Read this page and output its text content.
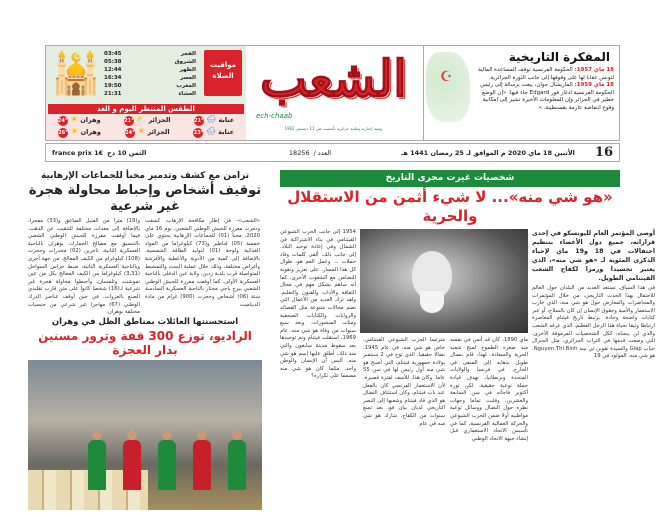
☪
المفكرة التاريخية

18 ماي 1957: الحكومة الفرنسية توقف المساعدة المالية لتونس عقابا لها على وقوفها إلى جانب الثورة الجزائرية.

18 ماي 1959: الماريشال جوان، يبعث برسالة إلى رئيس الحكومة الفرنسية ادغار فور Edgard جاء فيها: «إن الوضع خطير في الجزائر وإن المعلومات الأخيرة تشير إلى امكانية وقوع انتفاضة عارمة بقسنطينة..»

الشعب
ech-chaab
يومية إخبارية وطنية جزائرية تأسست في 11 ديسمبر 1962
مواقيت الصلاة
الفجر
03:45
الشروق
05:38
الظهر
12:44
العصر
16:34
المغرب
19:50
العشاء
21:31
🕌
الطقس المنتظر اليوم و الغد
عنابة 🌧 21°
الجزائر ⛅ 21°
وهران ☀ 24°
عنابة 🌧 23°
الجزائر ☀ 24°
وهران ☀ 26°
16
الأثنين 18 ماي 2020 م الموافق لـ 25 رمضان 1441 هـ
العدد /
18256
الثمن 10 دج
france prix 1€
شخصيات غيرت مجرى التاريخ
«هو شي منه»... لا شيء أثمن من الاستقلال والحرية

أوصى المؤتمر العام لليونسكو في إحدى قراراته، جميع دول الأعضاء بتنظيم احتفالات في 18 و19 ماي لإحياء الذكرى المئوية لـ «هو شي منه»، الذي يعتبر تجسيدا ورمزا لكفاح الشعب الفيتنامي الطويل.

في هذا السياق، تستعد العديد من البلدان حول العالم للاحتفال بهذا الحدث التاريخي، من خلال المؤتمرات والمحاضرات والمعارض حول هو شي منه، الذي حارب الاستعمار والأمية وحقوق الإنسان إن كان بالسلاح، أو عبر كتابات واضحة وحادة. يرتبط تاريخ فيتنام المعاصرة ارتباطا وثيقا بحياة هذا الرجل العظيم، الذي عرفه الشعب والذي لن ينساه، ككل الشخصيات المرموقة الأخرى، التي وضعت قدمها في التراب الجزائري، مثل الجنرال جياب Giap والسيدة نقوين ثي بينه Nguyen Thi Binh. هو شي منه، المولود في 19

ماي 1890، كان قد أنس في نفسه منذ صغره الطموح لمنح شعبه الحرية والسعادة. لهذا، قام بنضال طويل بذهابه إلى المنفى في الخارج، في فرنسا والولايات المتحدة وبريطانيا، بهدف قيادة حملة توعية حقيقية. لكن ثورة أكتوبر فاجأته في سن السابعة والعشرين، وقلبت تماما وجهات نظره حول النضال ووسائل توعية مواطنيه أولا ضمن الحزب الشيوعي والحركة العمالية الفرنسية، كما في تأسيس الاتحاد الاستعماري قبل إنشاء جبهة الاتحاد الوطني

مترئسا الحزب الشيوعي الفيتنامي، خاض هو شي منه، في عام 1945، نضالا حقيقيا، الذي توج في 2 سبتمبر بولادة جمهورية فيتنام، التي أصبح هو شي منه أول رئيس لها في سن 55 عاما. وكان هذا، للأسف لفترة قصيرة، لأن الاستعمار الفرنسي كان بالفعل عند باب فيتنام، وكان استئناف النضال هو الذي قاد فيتنام وشعبها إلى النصر التاريخي لديان بيان فو، بعد تسع سنوات من الكفاح. شارك هو شي منه في عام

1954 إلى جانب الحزب الشيوعي الفيتنامي في بناء الاشتراكية في الشمال وفي إعادة توحيد البلاد. إلى جانب ذلك، ألقى كلمات وقاد حملات ... وعمل العم هو، طوال كل هذا المسار، على تعزيز وتقوية التضامن مع الشعوب الأخرى، كما أنه ساهم بشكل مهم في مجال الثقافة والآداب والفنون والتعليم. ولقد ترك العديد من الأعمال التي تضم مجالات متنوعة مثل القصائد والروايات والكتابات الصحفية ومئات المنشورات. وبعد سبع سنوات من وفاة هو شي منه، عام 1969، استقلت فيتنام وتم توحيدها بعد سقوط مدينة سايغون والتي منذ ذلك، أطلق عليها إسم هو شي منه. أليس أن الإنسان والوطن واحد، مثلما كان هو شي منه مصمما على تكراره؟

تزامن مع كشف وتدمير مخبأ للجماعات الإرهابية
توقيف أشخاص وإحباط محاولة هجرة غير شرعية

«الشعب»- في إطار مكافحة الإرهاب، كشفت ودمرت مفرزة للجيش الوطني الشعبي، يوم 16 ماي 2020، مخبأ (01) للجماعات الإرهابية يحتوي على خمسة (05) قناطير و(73) كيلوغراما من المواد الغذائية ولوحة (01) لتوليد الطاقة الشمسية، بالإضافة إلى كمية من الأدوية والأغطية والأفرشة وأغراض مختلفة، وذلك خلال عملية البحث والتمشيط المتواصلة قرب بلدية زدين، ولاية عين الدفلى بالناحية العسكرية الأولى. كما أوقفت مفرزة للجيش الوطني الشعبي ببرج باجي مختار بالناحية العسكرية السادسة ستة (06) أشخاص وحجزت (900) غرام من مادة الديناميت

و(19) مترا من الفتيل الصاعق و(33) مفجرا، بالإضافة إلى معدات مختلفة للتنقيب عن الذهب، فيما أوقفت مفرزة للجيش الوطني الشعبي بالتنسيق مع مصالح الجمارك، بوهران بالناحية العسكرية الثانية، تاجرين (02) مخدرات وحجزت (108) كيلوغرام من الكيف المعالج. من جهة أخرى وبالناحية العسكرية الثانية، ضبط حراس السواحل (3,31) كيلوغراما من الكيف المعالج بكل من عين تموشنت وتلمسان، وأحبطوا محاولة هجرة غير شرعية لـ(16) شخصا كانوا على متن قارب تقليدي الصنع بالغزوات، في حين أوقف عناصر الدرك الوطني (67) مهاجرا غير شرعي من جنسيات مختلفة بوهران.

استحسنتها العائلات بمناطق الظل في وهران
الراديو، توزع 300 قفة وترور مسنين بدار العجزة
